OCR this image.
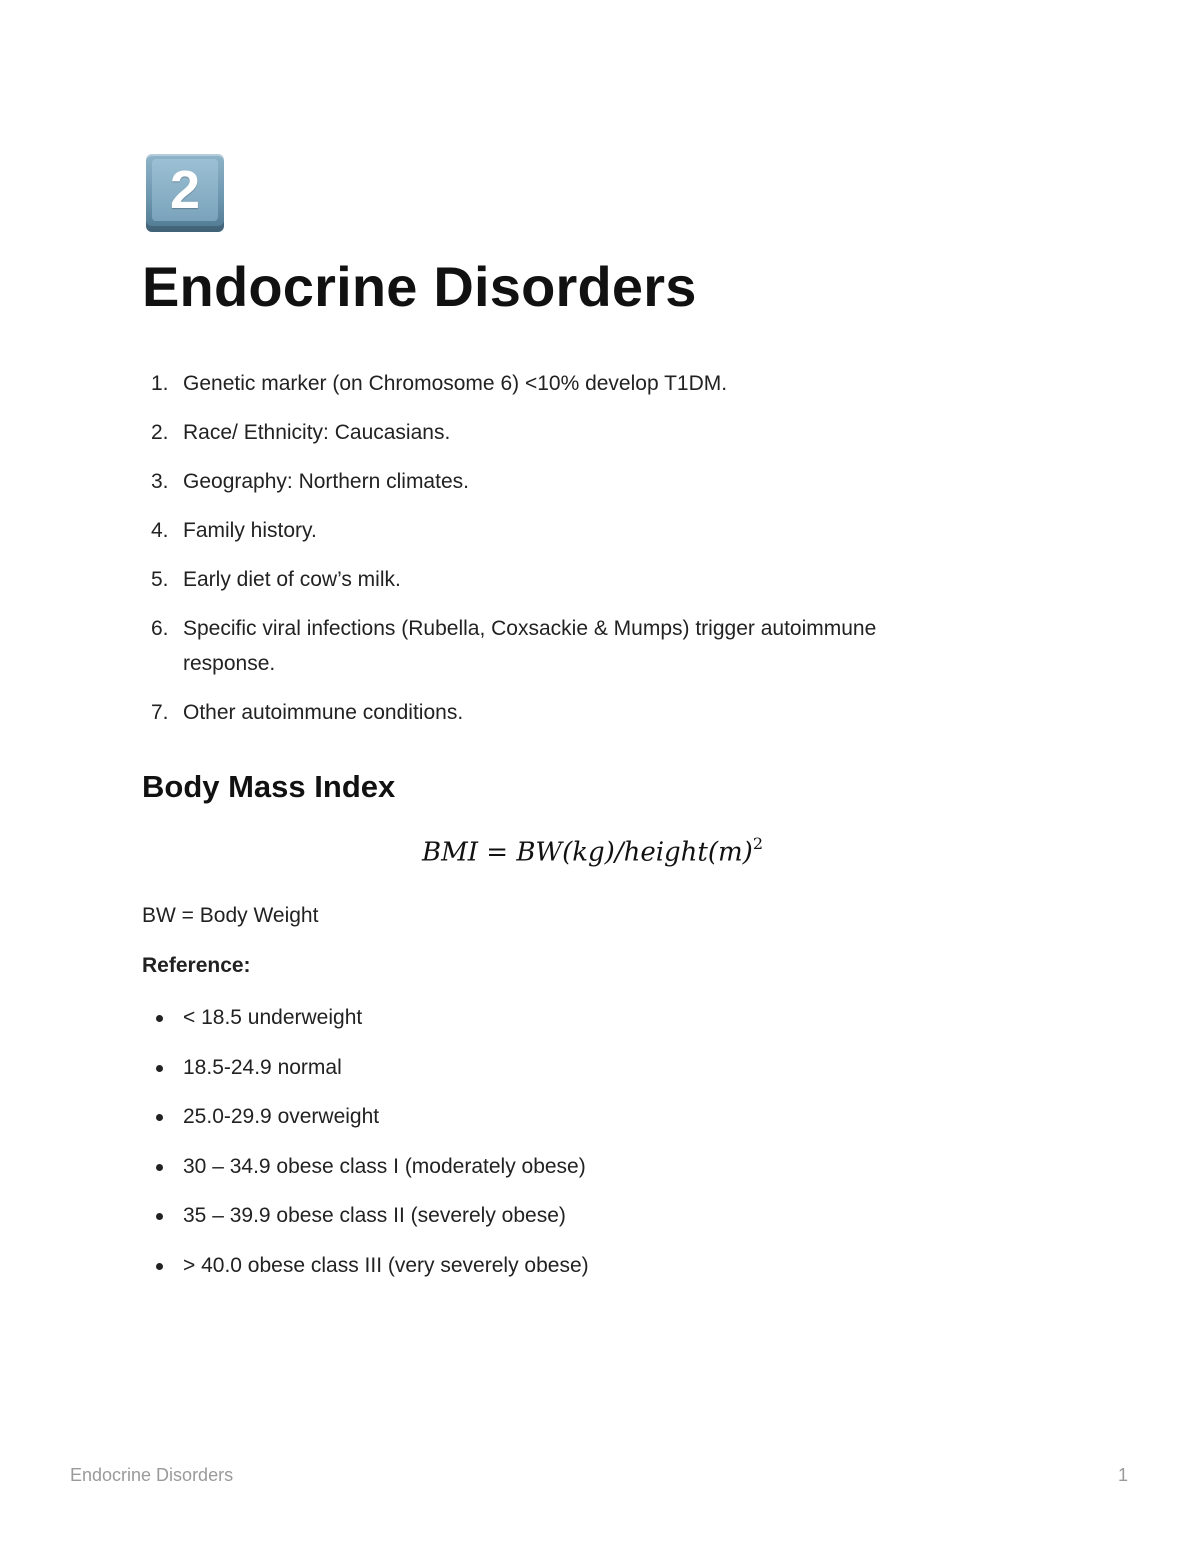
2
Endocrine Disorders
1. Genetic marker (on Chromosome 6) <10% develop T1DM.
2. Race/ Ethnicity: Caucasians.
3. Geography: Northern climates.
4. Family history.
5. Early diet of cow’s milk.
6. Specific viral infections (Rubella, Coxsackie & Mumps) trigger autoimmune response.
7. Other autoimmune conditions.
Body Mass Index
BMI = $BW(kg)/height(m)^2$
BW = Body Weight
Reference:
< 18.5 underweight
18.5-24.9 normal
25.0-29.9 overweight
30 – 34.9 obese class I (moderately obese)
35 – 39.9 obese class II (severely obese)
> 40.0 obese class III (very severely obese)
Endocrine Disorders	1
